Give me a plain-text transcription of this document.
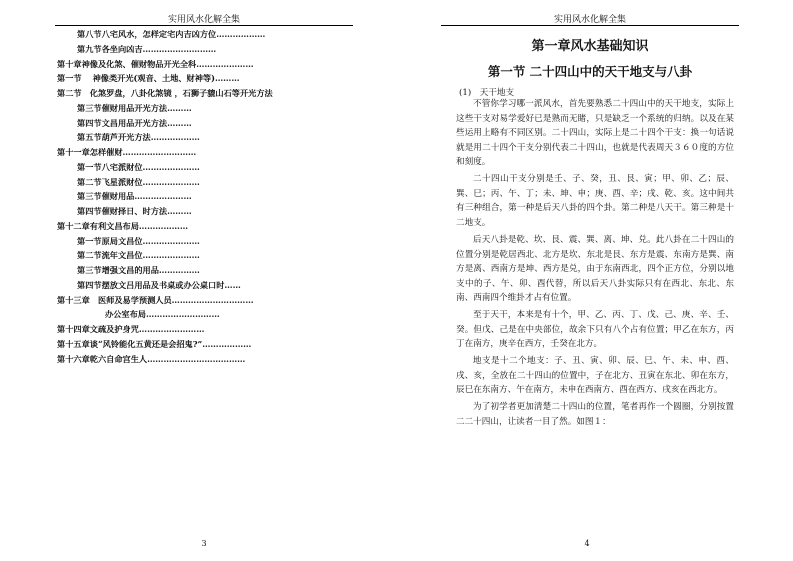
实用风水化解全集
第八节八宅风水，怎样定宅内吉凶方位………………
第九节各坐向凶吉………………………
第十章神像及化煞、催财物品开光全科…………………
第一节　 神像类开光(观音、土地、财神等)………
第二节　化煞罗盘，八卦化煞镜 ，石狮子貔山石等开光方法
第三节催财用品开光方法………
第四节文昌用品开光方法………
第五节葫芦开光方法………………
第十一章怎样催财………………………
第一节八宅派财位…………………
第二节飞星派财位…………………
第三节催财用品…………………
第四节催财择日、时方法………
第十二章有利文昌布局………………
第一节原局文昌位…………………
第二节流年文昌位…………………
第三节增强文昌的用品……………
第四节摆放文吕用品及书桌或办公桌口时……
第十三章　医师及易学预测人员…………………………
办公室布局………………………
第十四章文疏及护身咒……………………
第十五章谈“风铃能化五黄还是会招鬼?”………………
第十六章乾六自命宫生人………………………………
3
实用风水化解全集
第一章风水基础知识
第一节 二十四山中的天干地支与八卦
(1)　天干地支

不管你学习哪一派风水，首先要熟悉二十四山中的天干地支，实际上这些干支对易学爱好已是熟而无睹，只是缺乏一个系统的归纳。以及在某些运用上略有不同区别。二十四山，实际上是二十四个干支：换一句话说就是用二十四个干支分别代表二十四山，也就是代表周天３６０度的方位和刻度。

二十四山干支分别是壬、子、癸，丑、艮、寅；甲、卯、乙；辰、巽、巳；丙、午、丁；未、坤、申；庚、酉、辛；戌、乾、亥。这中间共有三种组合，第一种是后天八卦的四个卦。第二种是八天干。第三种是十二地支。

后天八卦是乾、坎、艮、震、巽、离、坤、兑。此八卦在二十四山的位置分别是乾居西北、北方是坎、东北是艮、东方是震、东南方是巽、南方是离、西南方是坤、西方是兑，由于东南西北，四个正方位，分别以地支中的子、午、卯、酉代替，所以后天八卦实际只有在西北、东北、东南、西南四个维卦才占有位置。

至于天干，本来是有十个，甲、乙、丙、丁、戊、己、庚、辛、壬、癸。但戊、己是在中央部位，故余下只有八个占有位置；甲乙在东方，丙丁在南方，庚辛在西方，壬癸在北方。

地支是十二个地支：子、丑、寅、卯、辰、巳、午、未、申、酉、戌、亥，全放在二十四山的位置中，子在北方、丑寅在东北、卯在东方，辰巳在东南方、午在南方，未申在西南方、酉在西方、戌亥在西北方。

为了初学者更加清楚二十四山的位置，笔者再作一个圆圈，分别按置二二十四山，让读者一目了然。如图１：

4
